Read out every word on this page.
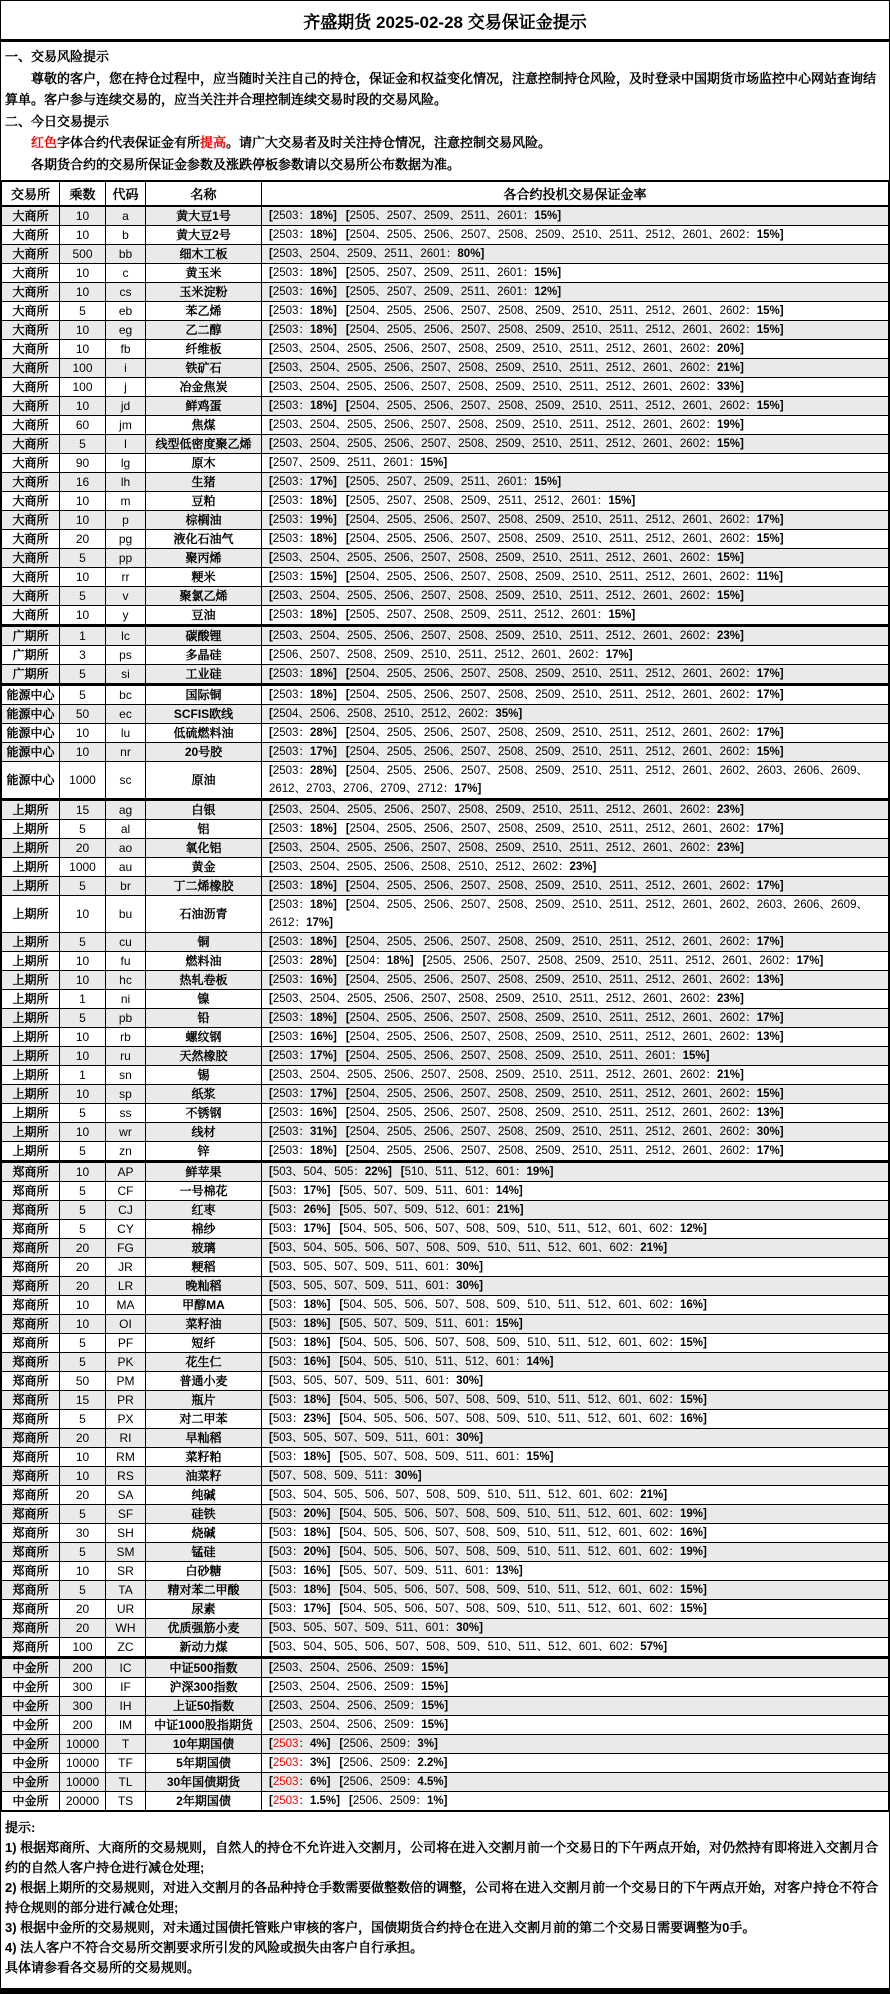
齐盛期货 2025-02-28 交易保证金提示
一、交易风险提示
尊敬的客户，您在持仓过程中，应当随时关注自己的持仓，保证金和权益变化情况，注意控制持仓风险，及时登录中国期货市场监控中心网站查询结算单。客户参与连续交易的，应当关注并合理控制连续交易时段的交易风险。
二、今日交易提示
红色字体合约代表保证金有所提高。请广大交易者及时关注持仓情况，注意控制交易风险。
各期货合约的交易所保证金参数及涨跌停板参数请以交易所公布数据为准。
交易所	乘数	代码	名称	各合约投机交易保证金率
大商所	10	a	黄大豆1号	[2503：18%] [2505、2507、2509、2511、2601：15%]
大商所	10	b	黄大豆2号	[2503：18%] [2504、2505、2506、2507、2508、2509、2510、2511、2512、2601、2602：15%]
大商所	500	bb	细木工板	[2503、2504、2509、2511、2601：80%]
大商所	10	c	黄玉米	[2503：18%] [2505、2507、2509、2511、2601：15%]
大商所	10	cs	玉米淀粉	[2503：16%] [2505、2507、2509、2511、2601：12%]
大商所	5	eb	苯乙烯	[2503：18%] [2504、2505、2506、2507、2508、2509、2510、2511、2512、2601、2602：15%]
大商所	10	eg	乙二醇	[2503：18%] [2504、2505、2506、2507、2508、2509、2510、2511、2512、2601、2602：15%]
大商所	10	fb	纤维板	[2503、2504、2505、2506、2507、2508、2509、2510、2511、2512、2601、2602：20%]
大商所	100	i	铁矿石	[2503、2504、2505、2506、2507、2508、2509、2510、2511、2512、2601、2602：21%]
大商所	100	j	冶金焦炭	[2503、2504、2505、2506、2507、2508、2509、2510、2511、2512、2601、2602：33%]
大商所	10	jd	鲜鸡蛋	[2503：18%] [2504、2505、2506、2507、2508、2509、2510、2511、2512、2601、2602：15%]
大商所	60	jm	焦煤	[2503、2504、2505、2506、2507、2508、2509、2510、2511、2512、2601、2602：19%]
大商所	5	l	线型低密度聚乙烯	[2503、2504、2505、2506、2507、2508、2509、2510、2511、2512、2601、2602：15%]
大商所	90	lg	原木	[2507、2509、2511、2601：15%]
大商所	16	lh	生猪	[2503：17%] [2505、2507、2509、2511、2601：15%]
大商所	10	m	豆粕	[2503：18%] [2505、2507、2508、2509、2511、2512、2601：15%]
大商所	10	p	棕榈油	[2503：19%] [2504、2505、2506、2507、2508、2509、2510、2511、2512、2601、2602：17%]
大商所	20	pg	液化石油气	[2503：18%] [2504、2505、2506、2507、2508、2509、2510、2511、2512、2601、2602：15%]
大商所	5	pp	聚丙烯	[2503、2504、2505、2506、2507、2508、2509、2510、2511、2512、2601、2602：15%]
大商所	10	rr	粳米	[2503：15%] [2504、2505、2506、2507、2508、2509、2510、2511、2512、2601、2602：11%]
大商所	5	v	聚氯乙烯	[2503、2504、2505、2506、2507、2508、2509、2510、2511、2512、2601、2602：15%]
大商所	10	y	豆油	[2503：18%] [2505、2507、2508、2509、2511、2512、2601：15%]
广期所	1	lc	碳酸锂	[2503、2504、2505、2506、2507、2508、2509、2510、2511、2512、2601、2602：23%]
广期所	3	ps	多晶硅	[2506、2507、2508、2509、2510、2511、2512、2601、2602：17%]
广期所	5	si	工业硅	[2503：18%] [2504、2505、2506、2507、2508、2509、2510、2511、2512、2601、2602：17%]
能源中心	5	bc	国际铜	[2503：18%] [2504、2505、2506、2507、2508、2509、2510、2511、2512、2601、2602：17%]
能源中心	50	ec	SCFIS欧线	[2504、2506、2508、2510、2512、2602：35%]
能源中心	10	lu	低硫燃料油	[2503：28%] [2504、2505、2506、2507、2508、2509、2510、2511、2512、2601、2602：17%]
能源中心	10	nr	20号胶	[2503：17%] [2504、2505、2506、2507、2508、2509、2510、2511、2512、2601、2602：15%]
能源中心	1000	sc	原油	[2503：28%] [2504、2505、2506、2507、2508、2509、2510、2511、2512、2601、2602、2603、2606、2609、2612、2703、2706、2709、2712：17%]
上期所	15	ag	白银	[2503、2504、2505、2506、2507、2508、2509、2510、2511、2512、2601、2602：23%]
上期所	5	al	铝	[2503：18%] [2504、2505、2506、2507、2508、2509、2510、2511、2512、2601、2602：17%]
上期所	20	ao	氧化铝	[2503、2504、2505、2506、2507、2508、2509、2510、2511、2512、2601、2602：23%]
上期所	1000	au	黄金	[2503、2504、2505、2506、2508、2510、2512、2602：23%]
上期所	5	br	丁二烯橡胶	[2503：18%] [2504、2505、2506、2507、2508、2509、2510、2511、2512、2601、2602：17%]
上期所	10	bu	石油沥青	[2503：18%] [2504、2505、2506、2507、2508、2509、2510、2511、2512、2601、2602、2603、2606、2609、2612：17%]
上期所	5	cu	铜	[2503：18%] [2504、2505、2506、2507、2508、2509、2510、2511、2512、2601、2602：17%]
上期所	10	fu	燃料油	[2503：28%] [2504：18%] [2505、2506、2507、2508、2509、2510、2511、2512、2601、2602：17%]
上期所	10	hc	热轧卷板	[2503：16%] [2504、2505、2506、2507、2508、2509、2510、2511、2512、2601、2602：13%]
上期所	1	ni	镍	[2503、2504、2505、2506、2507、2508、2509、2510、2511、2512、2601、2602：23%]
上期所	5	pb	铅	[2503：18%] [2504、2505、2506、2507、2508、2509、2510、2511、2512、2601、2602：17%]
上期所	10	rb	螺纹钢	[2503：16%] [2504、2505、2506、2507、2508、2509、2510、2511、2512、2601、2602：13%]
上期所	10	ru	天然橡胶	[2503：17%] [2504、2505、2506、2507、2508、2509、2510、2511、2601：15%]
上期所	1	sn	锡	[2503、2504、2505、2506、2507、2508、2509、2510、2511、2512、2601、2602：21%]
上期所	10	sp	纸浆	[2503：17%] [2504、2505、2506、2507、2508、2509、2510、2511、2512、2601、2602：15%]
上期所	5	ss	不锈钢	[2503：16%] [2504、2505、2506、2507、2508、2509、2510、2511、2512、2601、2602：13%]
上期所	10	wr	线材	[2503：31%] [2504、2505、2506、2507、2508、2509、2510、2511、2512、2601、2602：30%]
上期所	5	zn	锌	[2503：18%] [2504、2505、2506、2507、2508、2509、2510、2511、2512、2601、2602：17%]
郑商所	10	AP	鲜苹果	[503、504、505：22%] [510、511、512、601：19%]
郑商所	5	CF	一号棉花	[503：17%] [505、507、509、511、601：14%]
郑商所	5	CJ	红枣	[503：26%] [505、507、509、512、601：21%]
郑商所	5	CY	棉纱	[503：17%] [504、505、506、507、508、509、510、511、512、601、602：12%]
郑商所	20	FG	玻璃	[503、504、505、506、507、508、509、510、511、512、601、602：21%]
郑商所	20	JR	粳稻	[503、505、507、509、511、601：30%]
郑商所	20	LR	晚籼稻	[503、505、507、509、511、601：30%]
郑商所	10	MA	甲醇MA	[503：18%] [504、505、506、507、508、509、510、511、512、601、602：16%]
郑商所	10	OI	菜籽油	[503：18%] [505、507、509、511、601：15%]
郑商所	5	PF	短纤	[503：18%] [504、505、506、507、508、509、510、511、512、601、602：15%]
郑商所	5	PK	花生仁	[503：16%] [504、505、510、511、512、601：14%]
郑商所	50	PM	普通小麦	[503、505、507、509、511、601：30%]
郑商所	15	PR	瓶片	[503：18%] [504、505、506、507、508、509、510、511、512、601、602：15%]
郑商所	5	PX	对二甲苯	[503：23%] [504、505、506、507、508、509、510、511、512、601、602：16%]
郑商所	20	RI	早籼稻	[503、505、507、509、511、601：30%]
郑商所	10	RM	菜籽粕	[503：18%] [505、507、508、509、511、601：15%]
郑商所	10	RS	油菜籽	[507、508、509、511：30%]
郑商所	20	SA	纯碱	[503、504、505、506、507、508、509、510、511、512、601、602：21%]
郑商所	5	SF	硅铁	[503：20%] [504、505、506、507、508、509、510、511、512、601、602：19%]
郑商所	30	SH	烧碱	[503：18%] [504、505、506、507、508、509、510、511、512、601、602：16%]
郑商所	5	SM	锰硅	[503：20%] [504、505、506、507、508、509、510、511、512、601、602：19%]
郑商所	10	SR	白砂糖	[503：16%] [505、507、509、511、601：13%]
郑商所	5	TA	精对苯二甲酸	[503：18%] [504、505、506、507、508、509、510、511、512、601、602：15%]
郑商所	20	UR	尿素	[503：17%] [504、505、506、507、508、509、510、511、512、601、602：15%]
郑商所	20	WH	优质强筋小麦	[503、505、507、509、511、601：30%]
郑商所	100	ZC	新动力煤	[503、504、505、506、507、508、509、510、511、512、601、602：57%]
中金所	200	IC	中证500指数	[2503、2504、2506、2509：15%]
中金所	300	IF	沪深300指数	[2503、2504、2506、2509：15%]
中金所	300	IH	上证50指数	[2503、2504、2506、2509：15%]
中金所	200	IM	中证1000股指期货	[2503、2504、2506、2509：15%]
中金所	10000	T	10年期国债	[2503：4%] [2506、2509：3%]
中金所	10000	TF	5年期国债	[2503：3%] [2506、2509：2.2%]
中金所	10000	TL	30年国债期货	[2503：6%] [2506、2509：4.5%]
中金所	20000	TS	2年期国债	[2503：1.5%] [2506、2509：1%]
提示:
1) 根据郑商所、大商所的交易规则，自然人的持仓不允许进入交割月，公司将在进入交割月前一个交易日的下午两点开始，对仍然持有即将进入交割月合约的自然人客户持仓进行减仓处理;
2) 根据上期所的交易规则，对进入交割月的各品种持仓手数需要做整数倍的调整，公司将在进入交割月前一个交易日的下午两点开始，对客户持仓不符合持仓规则的部分进行减仓处理;
3) 根据中金所的交易规则，对未通过国债托管账户审核的客户，国债期货合约持仓在进入交割月前的第二个交易日需要调整为0手。
4) 法人客户不符合交易所交割要求所引发的风险或损失由客户自行承担。
具体请参看各交易所的交易规则。
